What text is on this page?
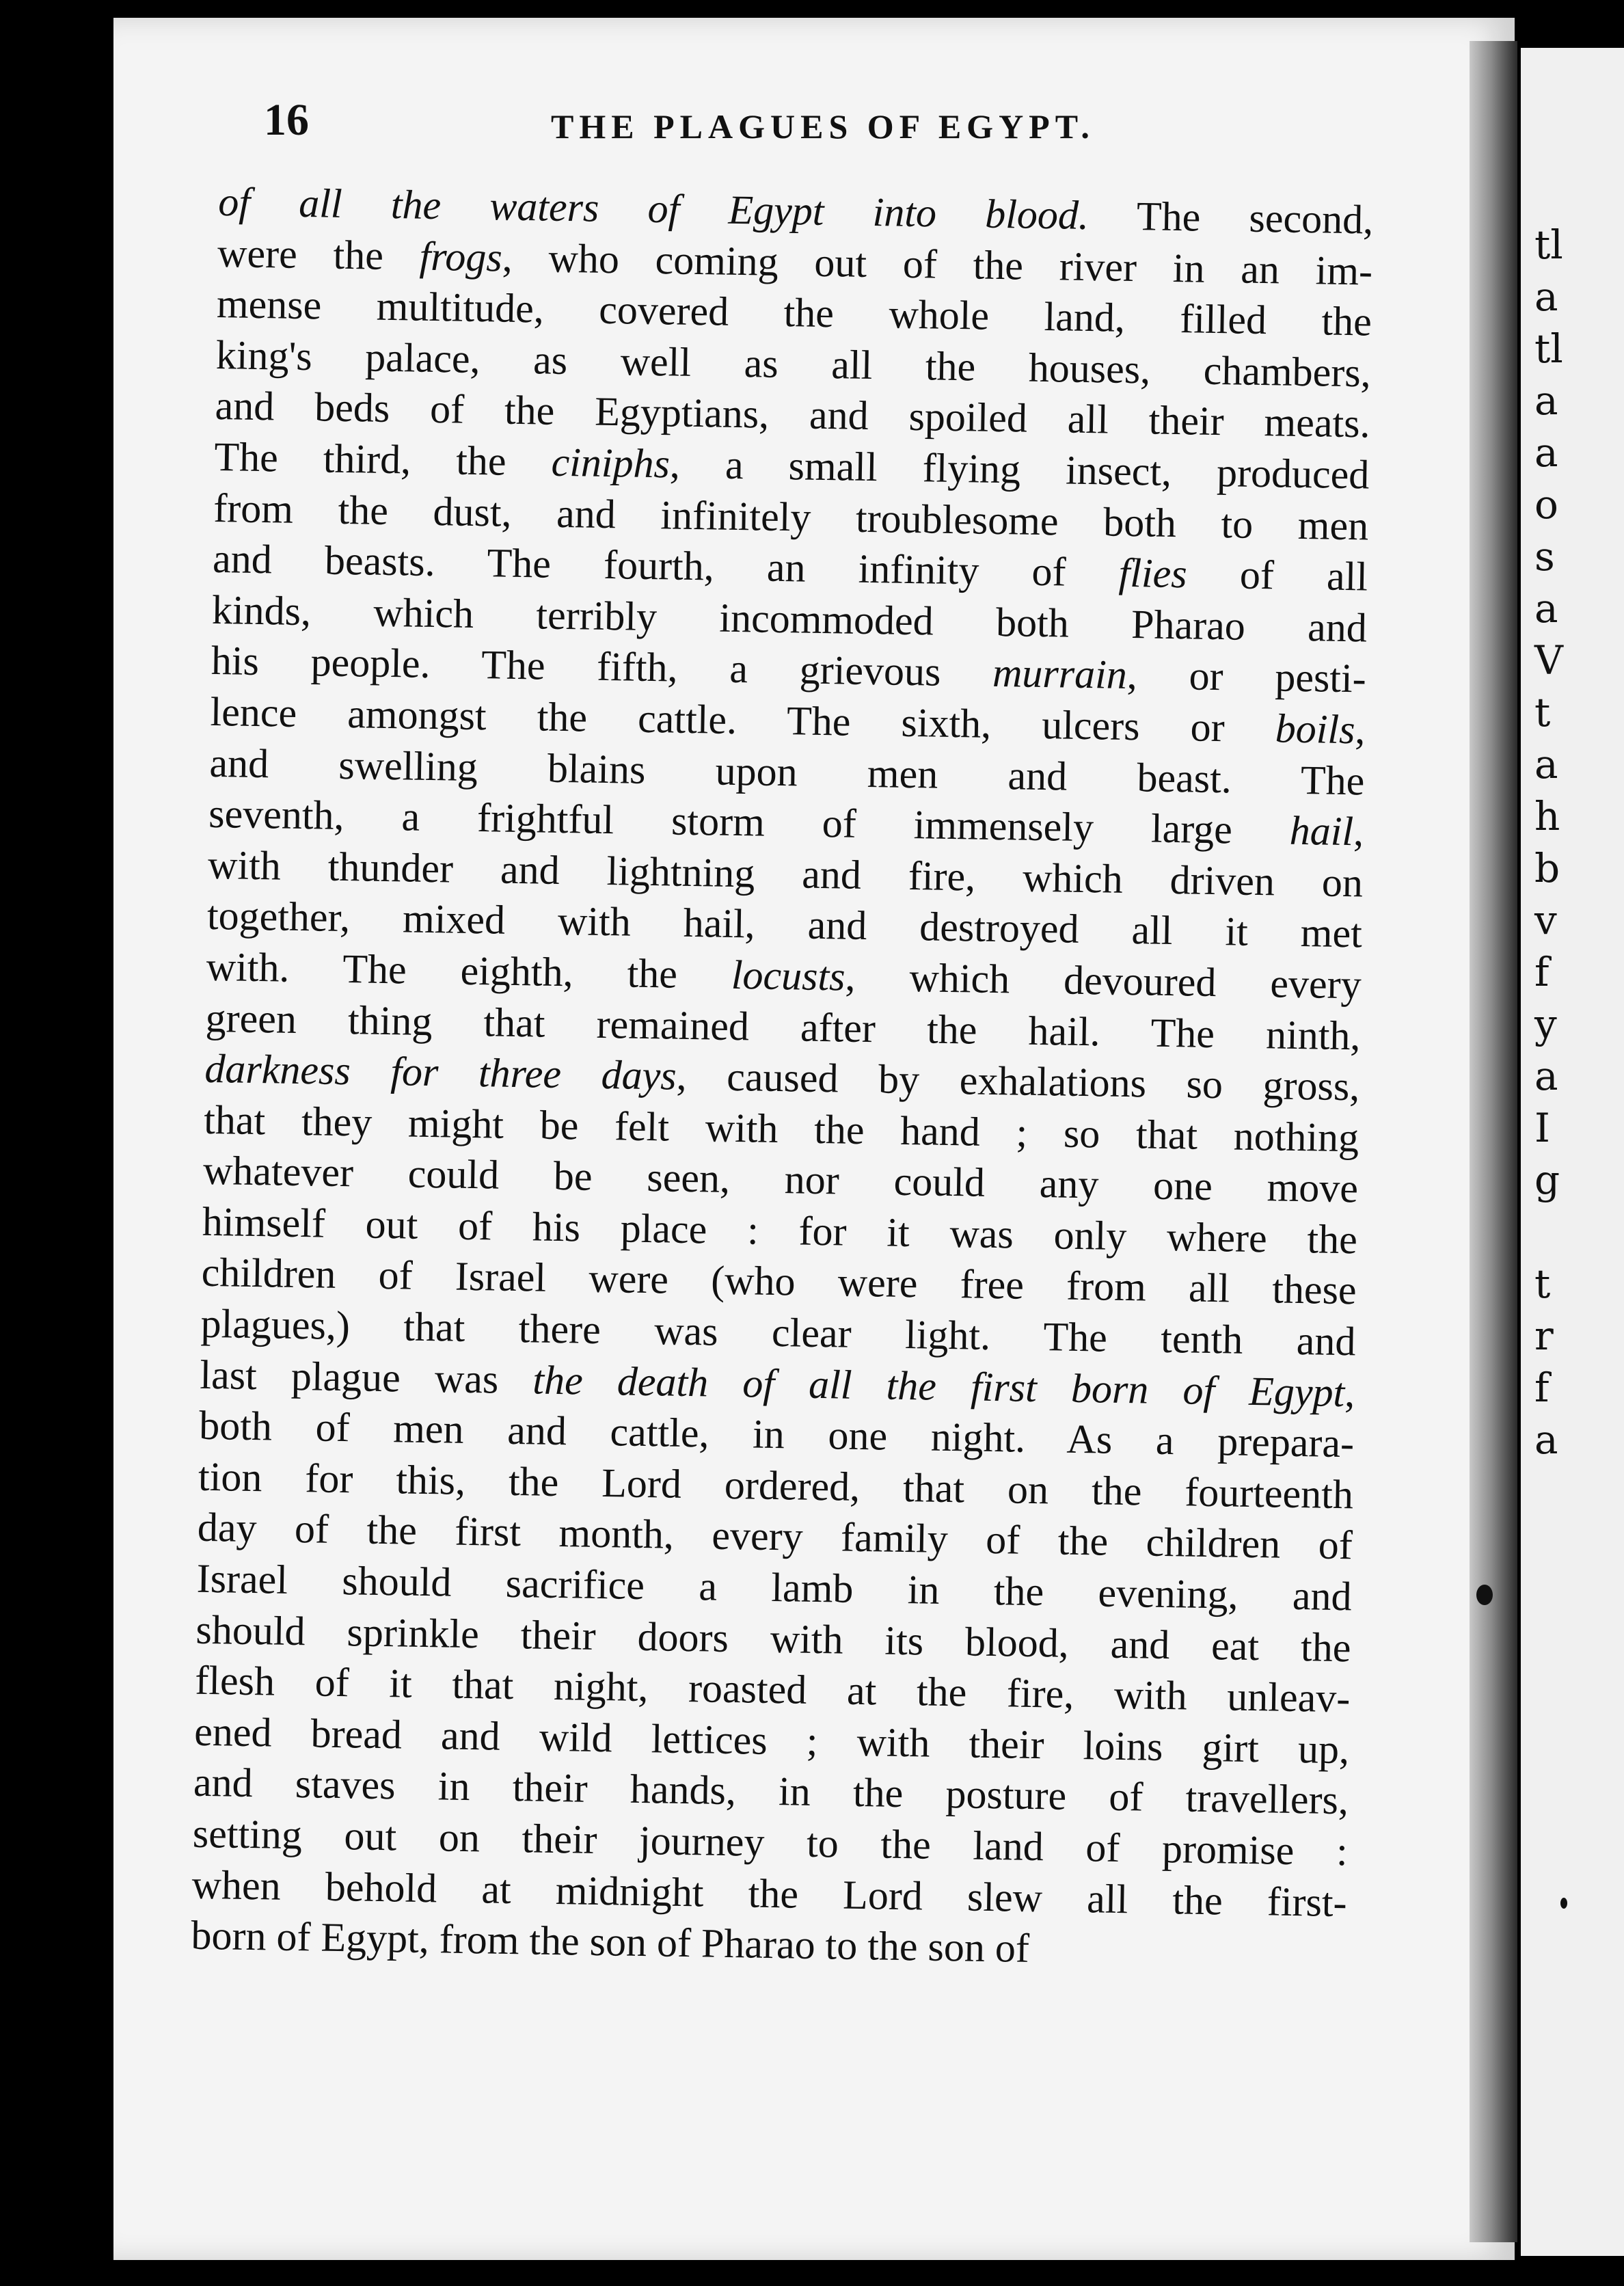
tl
a
tl
a
a
o
s
a
V
t
a
h
b
v
f
y
a
I
g

t
r
f
a
16	THE PLAGUES OF EGYPT.
of all the waters of Egypt into blood. The second,
were the frogs, who coming out of the river in an im-
mense multitude, covered the whole land, filled the
king's palace, as well as all the houses, chambers,
and beds of the Egyptians, and spoiled all their meats.
The third, the ciniphs, a small flying insect, produced
from the dust, and infinitely troublesome both to men
and beasts. The fourth, an infinity of flies of all
kinds, which terribly incommoded both Pharao and
his people. The fifth, a grievous murrain, or pesti-
lence amongst the cattle. The sixth, ulcers or boils,
and swelling blains upon men and beast. The
seventh, a frightful storm of immensely large hail,
with thunder and lightning and fire, which driven on
together, mixed with hail, and destroyed all it met
with. The eighth, the locusts, which devoured every
green thing that remained after the hail. The ninth,
darkness for three days, caused by exhalations so gross,
that they might be felt with the hand ; so that nothing
whatever could be seen, nor could any one move
himself out of his place : for it was only where the
children of Israel were (who were free from all these
plagues,) that there was clear light. The tenth and
last plague was the death of all the first born of Egypt,
both of men and cattle, in one night. As a prepara-
tion for this, the Lord ordered, that on the fourteenth
day of the first month, every family of the children of
Israel should sacrifice a lamb in the evening, and
should sprinkle their doors with its blood, and eat the
flesh of it that night, roasted at the fire, with unleav-
ened bread and wild lettices ; with their loins girt up,
and staves in their hands, in the posture of travellers,
setting out on their journey to the land of promise :
when behold at midnight the Lord slew all the first-
born of Egypt, from the son of Pharao to the son of
